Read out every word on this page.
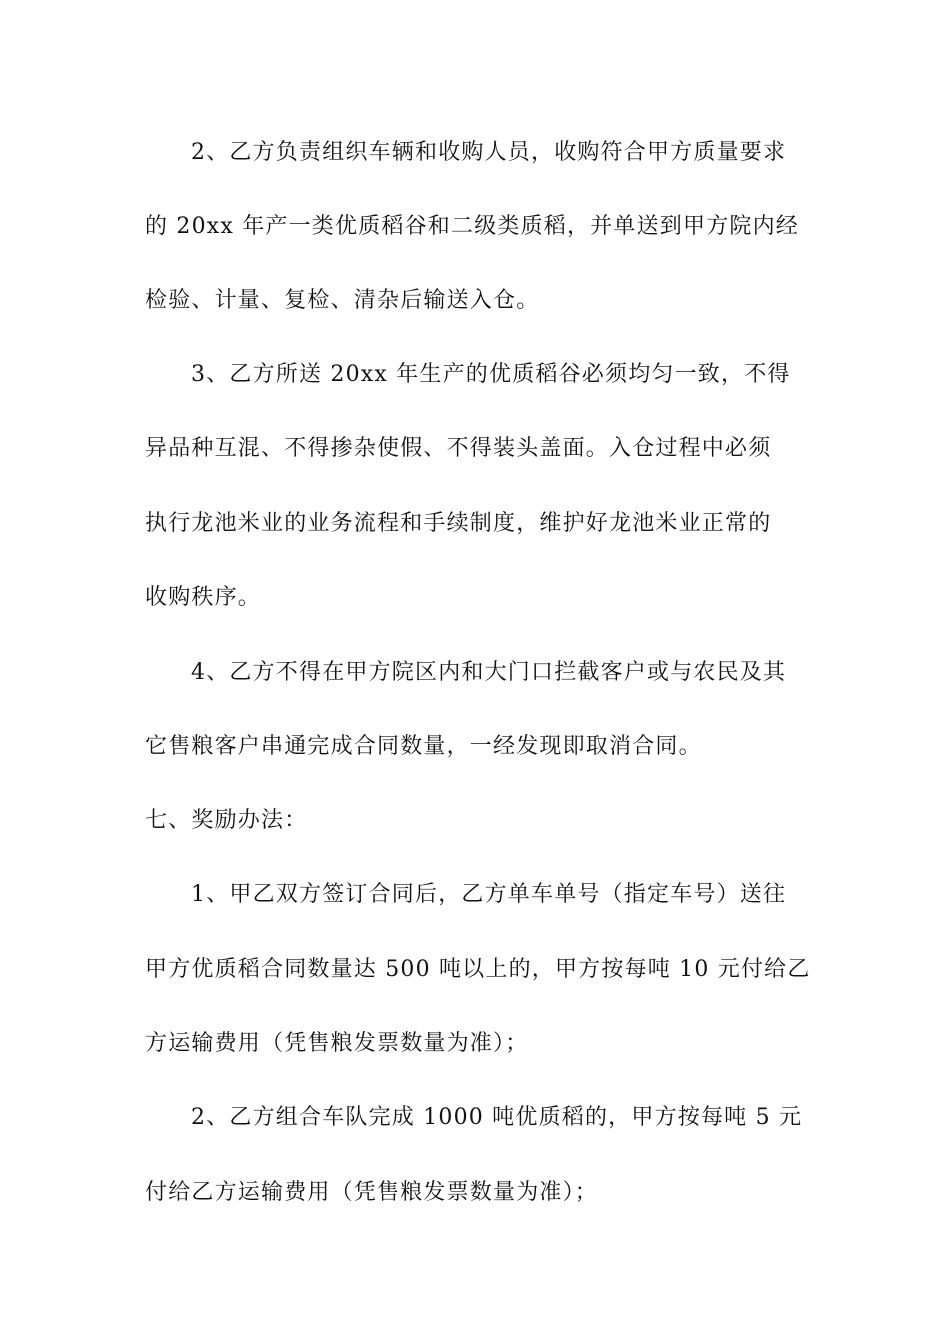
2、乙方负责组织车辆和收购人员，收购符合甲方质量要求
的 20xx 年产一类优质稻谷和二级类质稻，并单送到甲方院内经
检验、计量、复检、清杂后输送入仓。
3、乙方所送 20xx 年生产的优质稻谷必须均匀一致，不得
异品种互混、不得掺杂使假、不得装头盖面。入仓过程中必须
执行龙池米业的业务流程和手续制度，维护好龙池米业正常的
收购秩序。
4、乙方不得在甲方院区内和大门口拦截客户或与农民及其
它售粮客户串通完成合同数量，一经发现即取消合同。
七、奖励办法：
1、甲乙双方签订合同后，乙方单车单号（指定车号）送往
甲方优质稻合同数量达 500 吨以上的，甲方按每吨 10 元付给乙
方运输费用（凭售粮发票数量为准）；
2、乙方组合车队完成 1000 吨优质稻的，甲方按每吨 5 元
付给乙方运输费用（凭售粮发票数量为准）；
